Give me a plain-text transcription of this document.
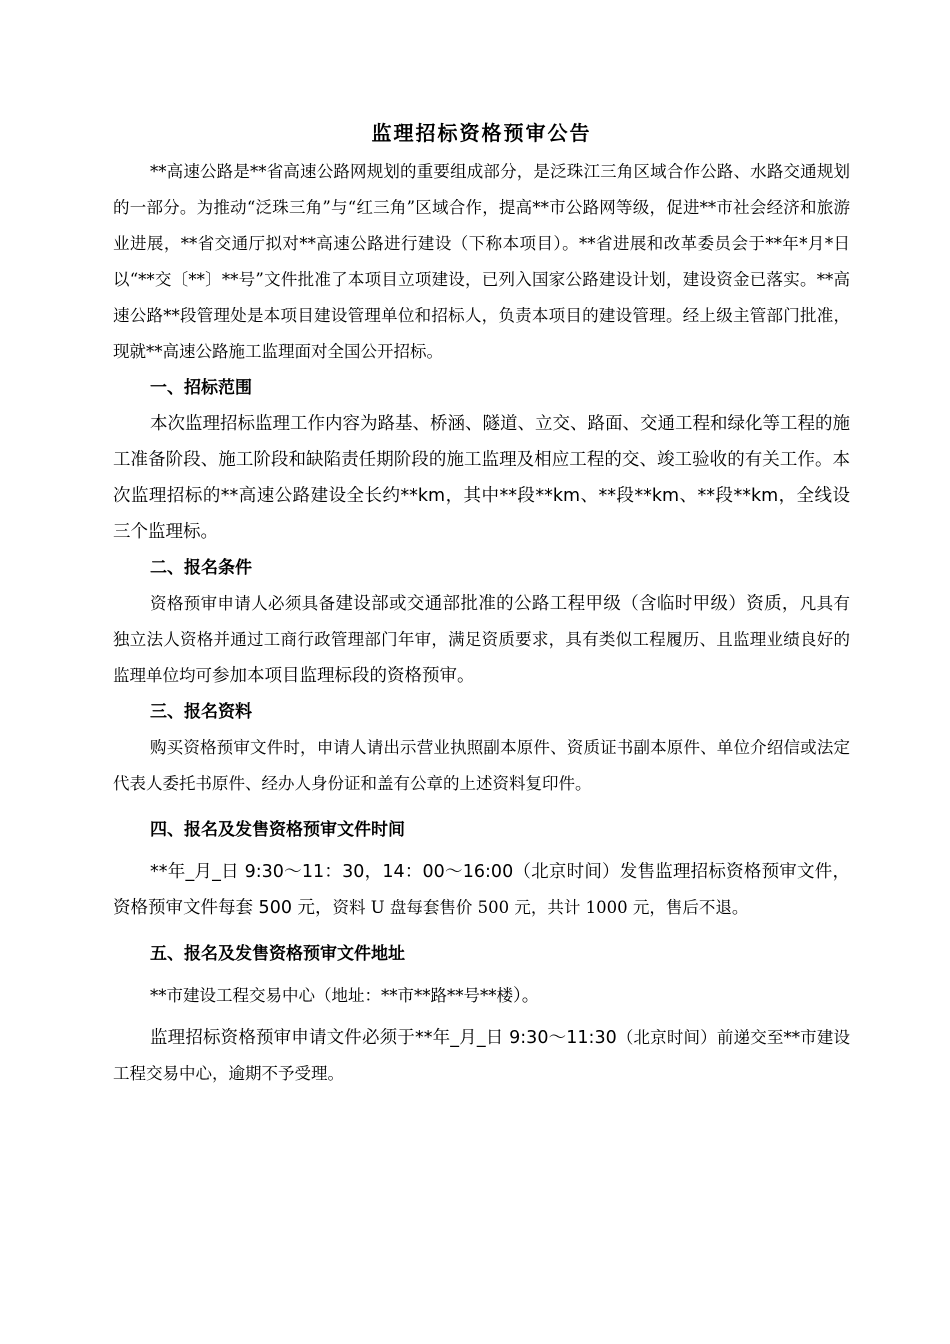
监理招标资格预审公告

**高速公路是**省高速公路网规划的重要组成部分，是泛珠江三角区域合作公路、水路交通规划的一部分。为推动“泛珠三角”与“红三角”区域合作，提高**市公路网等级，促进**市社会经济和旅游业进展，**省交通厅拟对**高速公路进行建设（下称本项目）。**省进展和改革委员会于**年*月*日以“**交〔**〕**号”文件批准了本项目立项建设，已列入国家公路建设计划，建设资金已落实。**高速公路**段管理处是本项目建设管理单位和招标人，负责本项目的建设管理。经上级主管部门批准，现就**高速公路施工监理面对全国公开招标。

一、招标范围

本次监理招标监理工作内容为路基、桥涵、隧道、立交、路面、交通工程和绿化等工程的施工准备阶段、施工阶段和缺陷责任期阶段的施工监理及相应工程的交、竣工验收的有关工作。本次监理招标的**高速公路建设全长约**km，其中**段**km、**段**km、**段**km，全线设三个监理标。

二、报名条件

资格预审申请人必须具备建设部或交通部批准的公路工程甲级（含临时甲级）资质，凡具有独立法人资格并通过工商行政管理部门年审，满足资质要求，具有类似工程履历、且监理业绩良好的监理单位均可参加本项目监理标段的资格预审。

三、报名资料

购买资格预审文件时，申请人请出示营业执照副本原件、资质证书副本原件、单位介绍信或法定代表人委托书原件、经办人身份证和盖有公章的上述资料复印件。

四、报名及发售资格预审文件时间

**年_月_日 9:30～11：30，14：00～16:00（北京时间）发售监理招标资格预审文件，资格预审文件每套 500 元，资料 U 盘每套售价 500 元，共计 1000 元，售后不退。

五、报名及发售资格预审文件地址

**市建设工程交易中心（地址：**市**路**号**楼）。

监理招标资格预审申请文件必须于**年_月_日 9:30～11:30（北京时间）前递交至**市建设工程交易中心，逾期不予受理。
